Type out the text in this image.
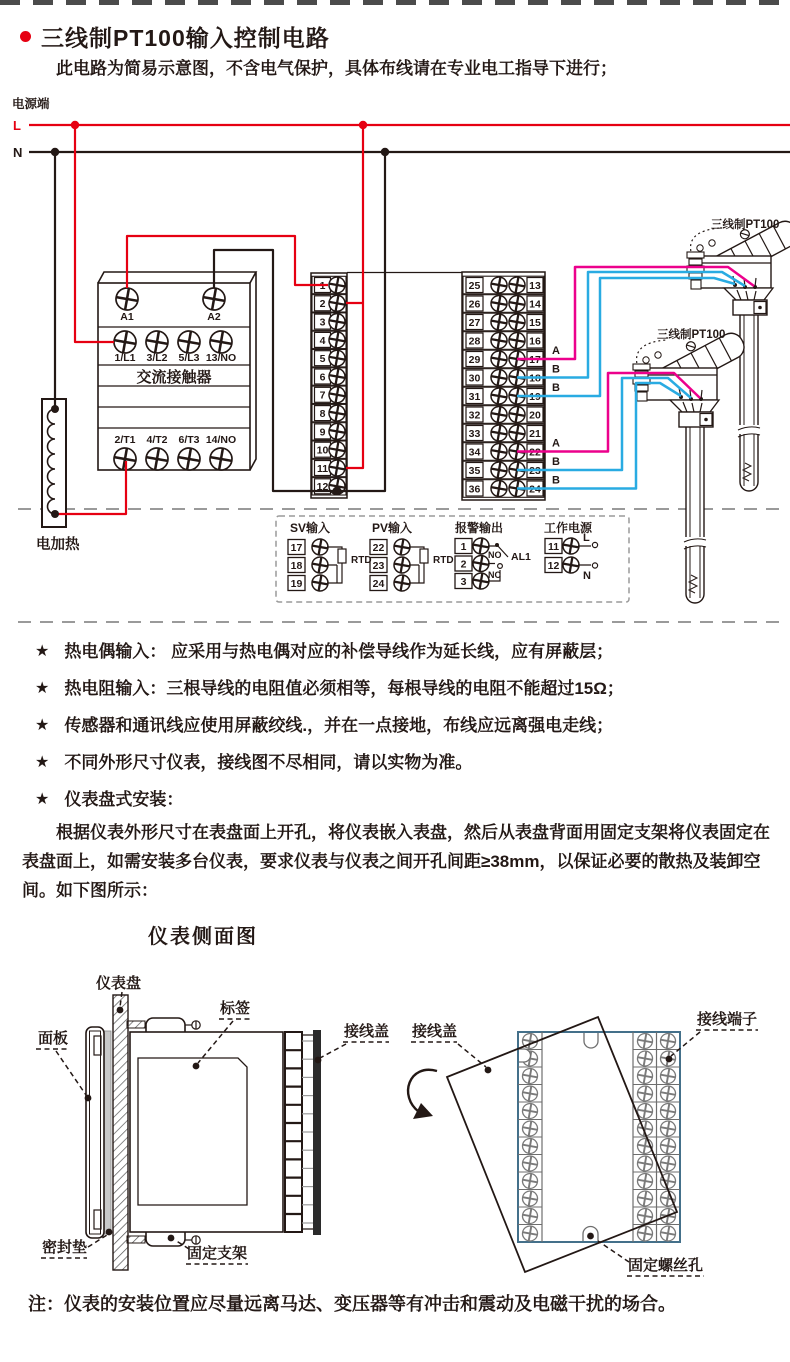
三线制PT100输入控制电路
此电路为简易示意图，不含电气保护，具体布线请在专业电工指导下进行；
电源端
L
N
A1	A2
1/L1 3/L2 5/L3 13/NO
2/T1 4/T2 6/T3 14/NO
交流接触器
电加热
1
2
3
4
5
6
7
8
9
10
11
12
25	13
26	14
27	15
28	16
29	17
30	18
31	19
32	20
33	21
34	22
35	23
36	24
SV输入	PV输入	报警输出	工作电源
17
18
19
22
23
24
1
2
3
11
12
RTD	RTD	NO
NC
AL1
L
N
三线制PT100
三线制PT100
A
B
B
A
B
B
★ 热电偶输入： 应采用与热电偶对应的补偿导线作为延长线，应有屏蔽层；
★ 热电阻输入：三根导线的电阻值必须相等，每根导线的电阻不能超过15Ω；
★ 传感器和通讯线应使用屏蔽绞线.，并在一点接地，布线应远离强电走线；
★ 不同外形尺寸仪表，接线图不尽相同，请以实物为准。
★ 仪表盘式安装：
根据仪表外形尺寸在表盘面上开孔，将仪表嵌入表盘，然后从表盘背面用固定支架将仪表固定在表盘面上，如需安装多台仪表，要求仪表与仪表之间开孔间距≥38mm，以保证必要的散热及装卸空间。如下图所示：
仪表侧面图
仪表盘
面板
标签
接线盖
密封垫	固定支架
接线盖
接线端子
固定螺丝孔
注：仪表的安装位置应尽量远离马达、变压器等有冲击和震动及电磁干扰的场合。
